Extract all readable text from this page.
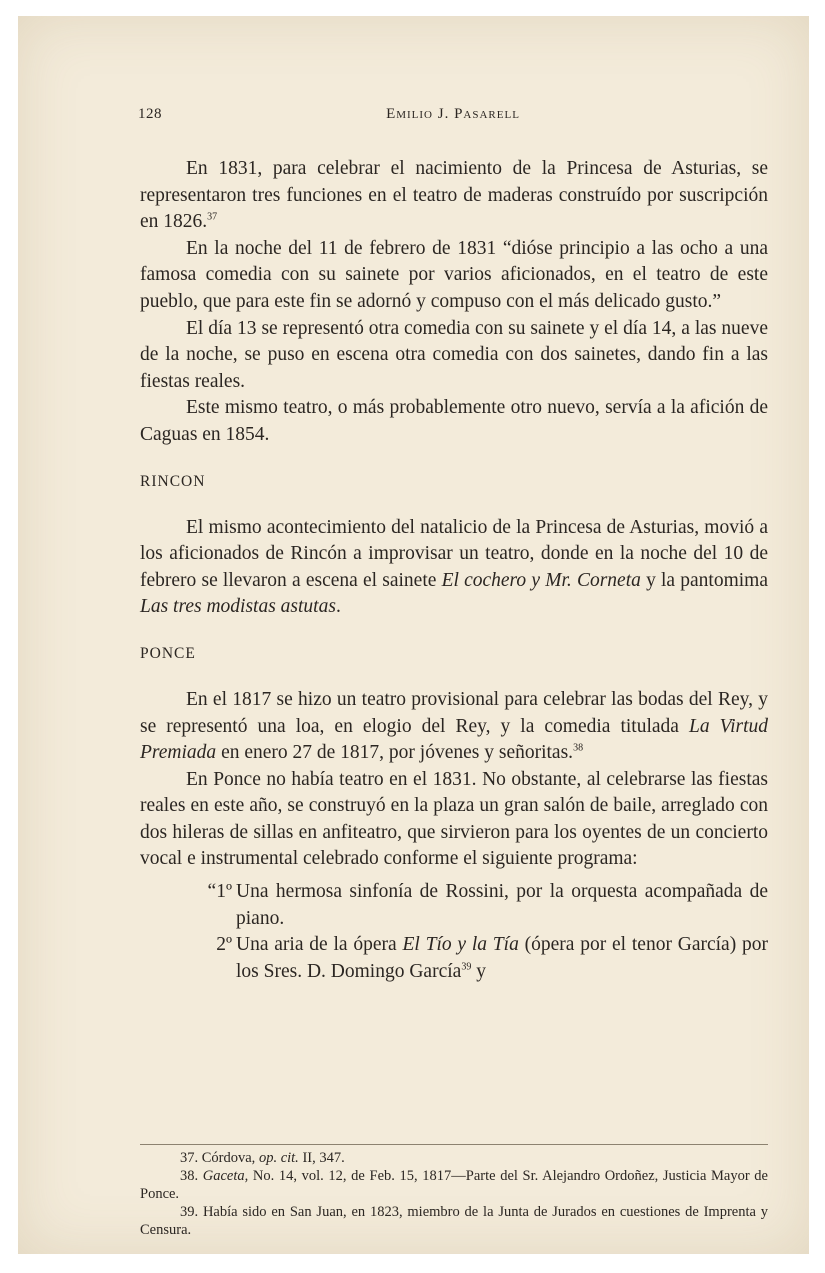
128	Emilio J. Pasarell

En 1831, para celebrar el nacimiento de la Princesa de Asturias, se representaron tres funciones en el teatro de maderas construído por suscripción en 1826.37

En la noche del 11 de febrero de 1831 “dióse principio a las ocho a una famosa comedia con su sainete por varios aficionados, en el teatro de este pueblo, que para este fin se adornó y compuso con el más delicado gusto.”

El día 13 se representó otra comedia con su sainete y el día 14, a las nueve de la noche, se puso en escena otra comedia con dos sainetes, dando fin a las fiestas reales.

Este mismo teatro, o más probablemente otro nuevo, servía a la afición de Caguas en 1854.

RINCON

El mismo acontecimiento del natalicio de la Princesa de Asturias, movió a los aficionados de Rincón a improvisar un teatro, donde en la noche del 10 de febrero se llevaron a escena el sainete El cochero y Mr. Corneta y la pantomima Las tres modistas astutas.

PONCE

En el 1817 se hizo un teatro provisional para celebrar las bodas del Rey, y se representó una loa, en elogio del Rey, y la comedia titulada La Virtud Premiada en enero 27 de 1817, por jóvenes y señoritas.$^{38}$

En Ponce no había teatro en el 1831. No obstante, al celebrarse las fiestas reales en este año, se construyó en la plaza un gran salón de baile, arreglado con dos hileras de sillas en anfiteatro, que sirvieron para los oyentes de un concierto vocal e instrumental celebrado conforme el siguiente programa:

“1º Una hermosa sinfonía de Rossini, por la orquesta acompañada de piano.
2º Una aria de la ópera El Tío y la Tía (ópera por el tenor García) por los Sres. D. Domingo García$^{39}$ y

37. Córdova, op. cit. II, 347.

38. Gaceta, No. 14, vol. 12, de Feb. 15, 1817—Parte del Sr. Alejandro Ordoñez, Justicia Mayor de Ponce.

39. Había sido en San Juan, en 1823, miembro de la Junta de Jurados en cuestiones de Imprenta y Censura.
